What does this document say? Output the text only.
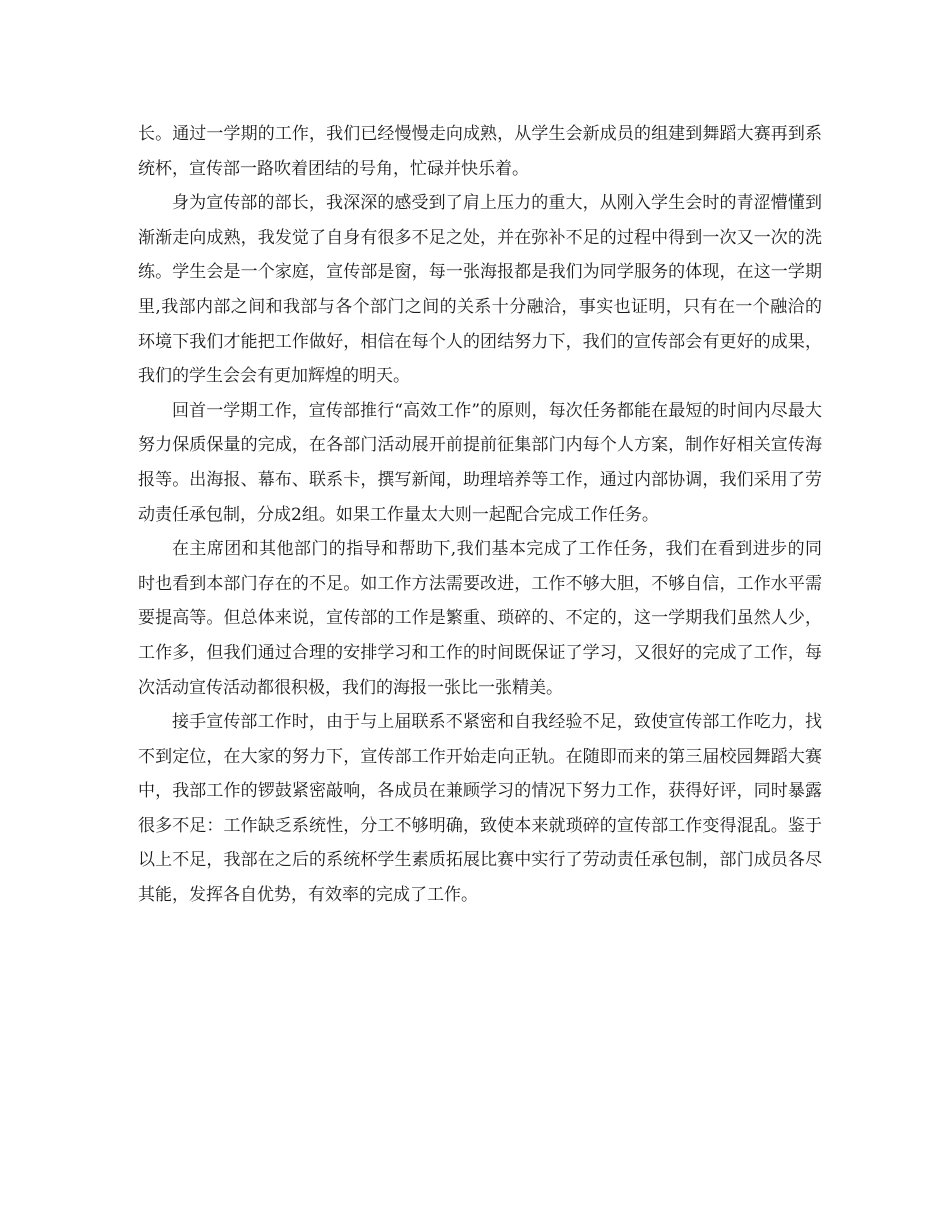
长。通过一学期的工作，我们已经慢慢走向成熟，从学生会新成员的组建到舞蹈大赛再到系统杯，宣传部一路吹着团结的号角，忙碌并快乐着。

身为宣传部的部长，我深深的感受到了肩上压力的重大，从刚入学生会时的青涩懵懂到渐渐走向成熟，我发觉了自身有很多不足之处，并在弥补不足的过程中得到一次又一次的洗练。学生会是一个家庭，宣传部是窗，每一张海报都是我们为同学服务的体现，在这一学期里,我部内部之间和我部与各个部门之间的关系十分融洽，事实也证明，只有在一个融洽的环境下我们才能把工作做好，相信在每个人的团结努力下，我们的宣传部会有更好的成果，我们的学生会会有更加辉煌的明天。

回首一学期工作，宣传部推行“高效工作”的原则，每次任务都能在最短的时间内尽最大努力保质保量的完成，在各部门活动展开前提前征集部门内每个人方案，制作好相关宣传海报等。出海报、幕布、联系卡，撰写新闻，助理培养等工作，通过内部协调，我们采用了劳动责任承包制，分成2组。如果工作量太大则一起配合完成工作任务。

在主席团和其他部门的指导和帮助下,我们基本完成了工作任务，我们在看到进步的同时也看到本部门存在的不足。如工作方法需要改进，工作不够大胆，不够自信，工作水平需要提高等。但总体来说，宣传部的工作是繁重、琐碎的、不定的，这一学期我们虽然人少，工作多，但我们通过合理的安排学习和工作的时间既保证了学习，又很好的完成了工作，每次活动宣传活动都很积极，我们的海报一张比一张精美。

接手宣传部工作时，由于与上届联系不紧密和自我经验不足，致使宣传部工作吃力，找不到定位，在大家的努力下，宣传部工作开始走向正轨。在随即而来的第三届校园舞蹈大赛中，我部工作的锣鼓紧密敲响，各成员在兼顾学习的情况下努力工作，获得好评，同时暴露很多不足：工作缺乏系统性，分工不够明确，致使本来就琐碎的宣传部工作变得混乱。鉴于以上不足，我部在之后的系统杯学生素质拓展比赛中实行了劳动责任承包制，部门成员各尽其能，发挥各自优势，有效率的完成了工作。
